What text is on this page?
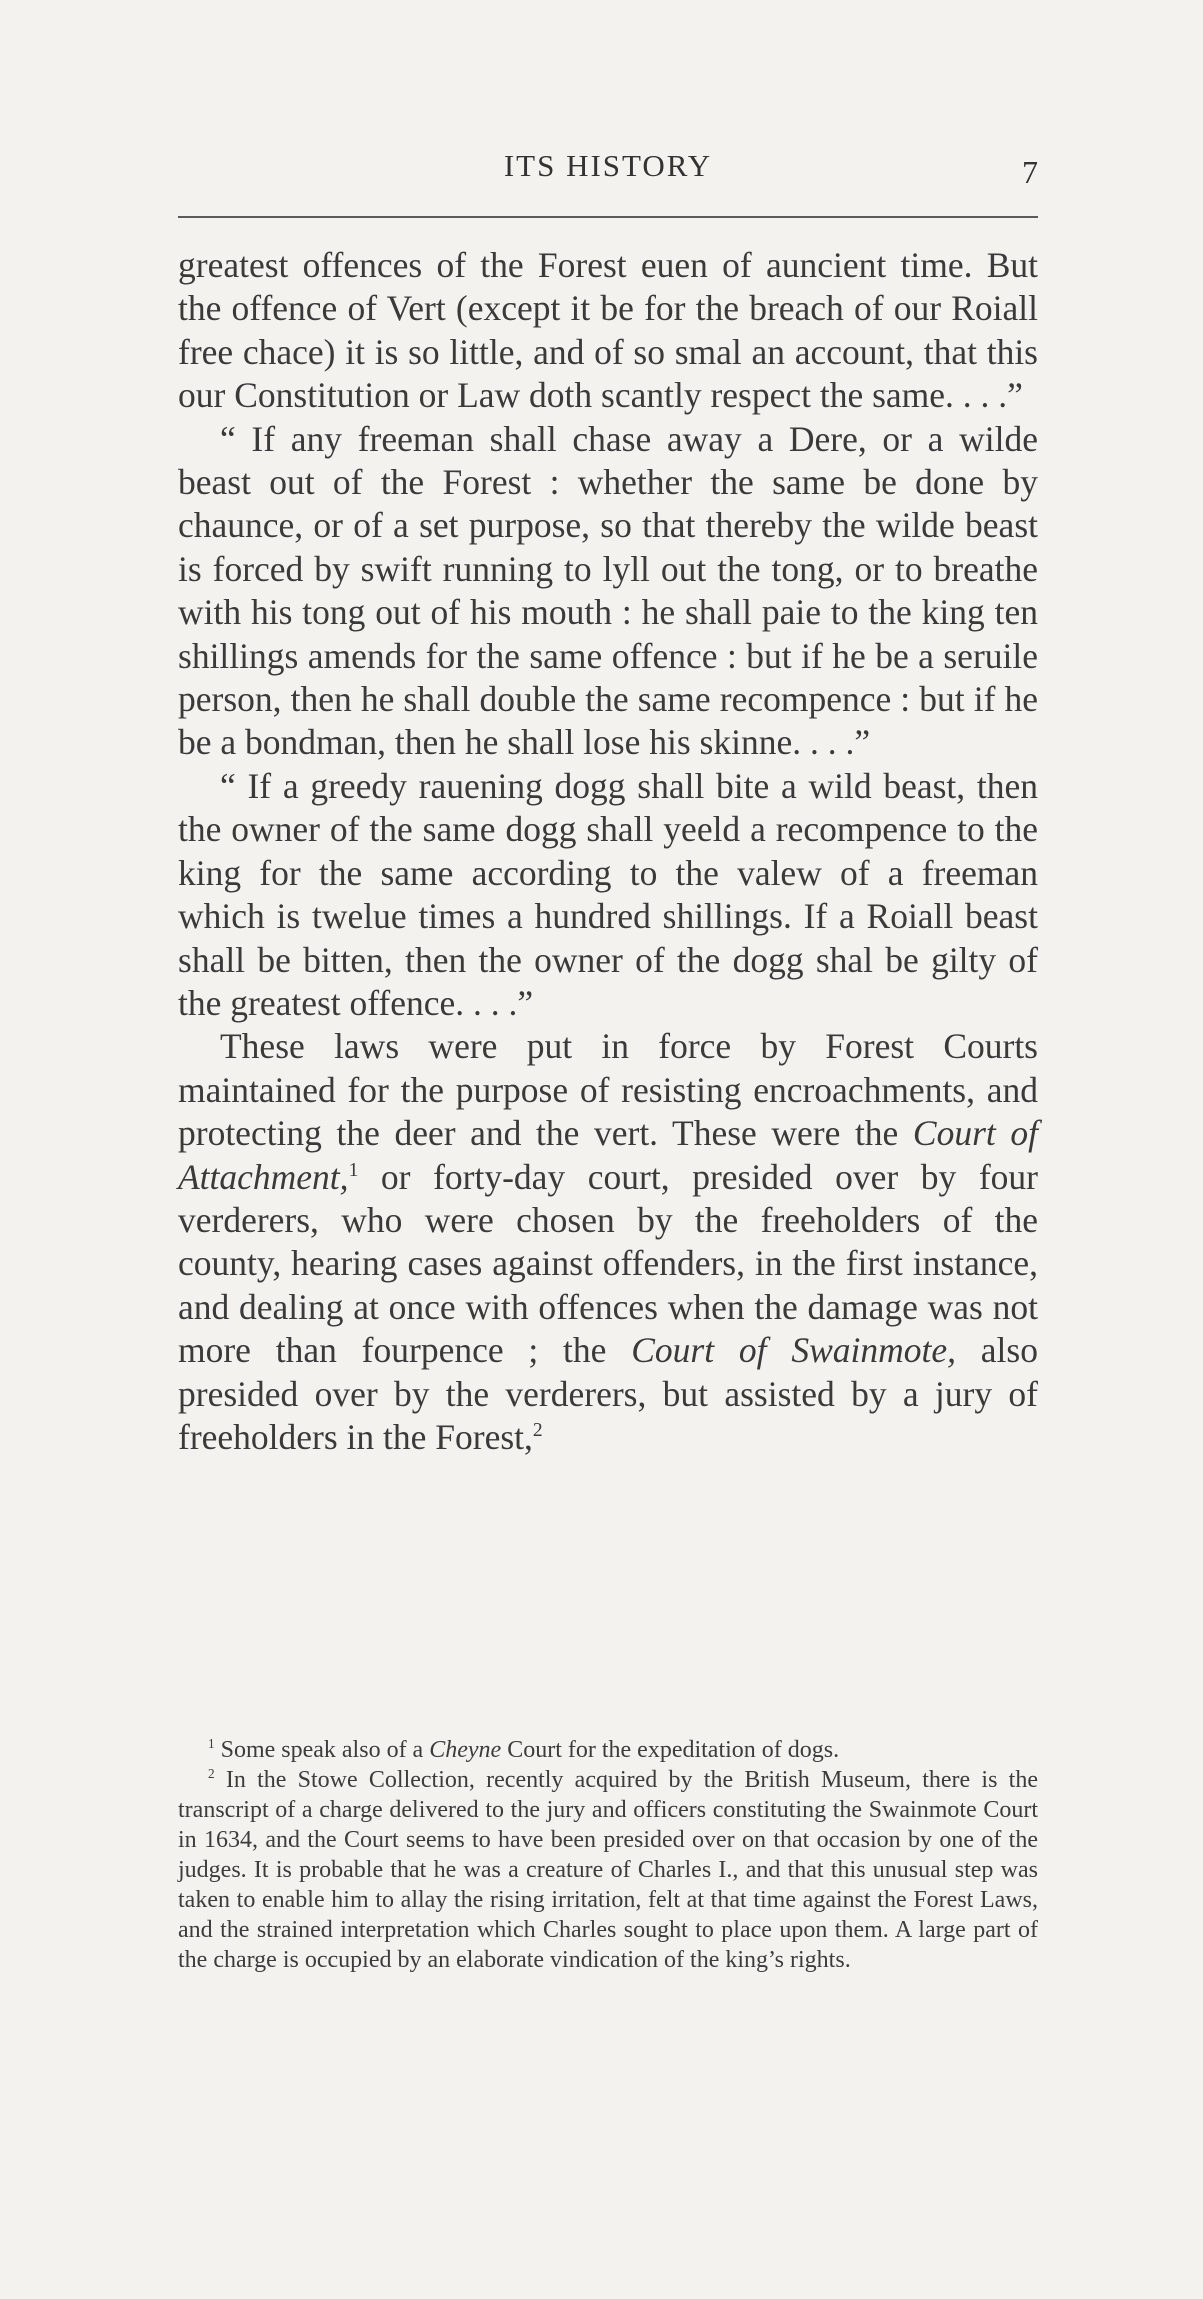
ITS HISTORY	7

greatest offences of the Forest euen of auncient time. But the offence of Vert (except it be for the breach of our Roiall free chace) it is so little, and of so smal an account, that this our Constitution or Law doth scantly respect the same. . . .”

“ If any freeman shall chase away a Dere, or a wilde beast out of the Forest : whether the same be done by chaunce, or of a set purpose, so that thereby the wilde beast is forced by swift running to lyll out the tong, or to breathe with his tong out of his mouth : he shall paie to the king ten shillings amends for the same offence : but if he be a seruile person, then he shall double the same recompence : but if he be a bondman, then he shall lose his skinne. . . .”

“ If a greedy rauening dogg shall bite a wild beast, then the owner of the same dogg shall yeeld a recompence to the king for the same according to the valew of a freeman which is twelue times a hundred shillings. If a Roiall beast shall be bitten, then the owner of the dogg shal be gilty of the greatest offence. . . .”

These laws were put in force by Forest Courts maintained for the purpose of resisting encroachments, and protecting the deer and the vert. These were the Court of Attachment,$^1$ or forty-day court, presided over by four verderers, who were chosen by the freeholders of the county, hearing cases against offenders, in the first instance, and dealing at once with offences when the damage was not more than fourpence ; the Court of Swainmote, also presided over by the verderers, but assisted by a jury of freeholders in the Forest,$^2$

$^1$ Some speak also of a Cheyne Court for the expeditation of dogs.

$^2$ In the Stowe Collection, recently acquired by the British Museum, there is the transcript of a charge delivered to the jury and officers constituting the Swainmote Court in 1634, and the Court seems to have been presided over on that occasion by one of the judges. It is probable that he was a creature of Charles I., and that this unusual step was taken to enable him to allay the rising irritation, felt at that time against the Forest Laws, and the strained interpretation which Charles sought to place upon them. A large part of the charge is occupied by an elaborate vindication of the king’s rights.
